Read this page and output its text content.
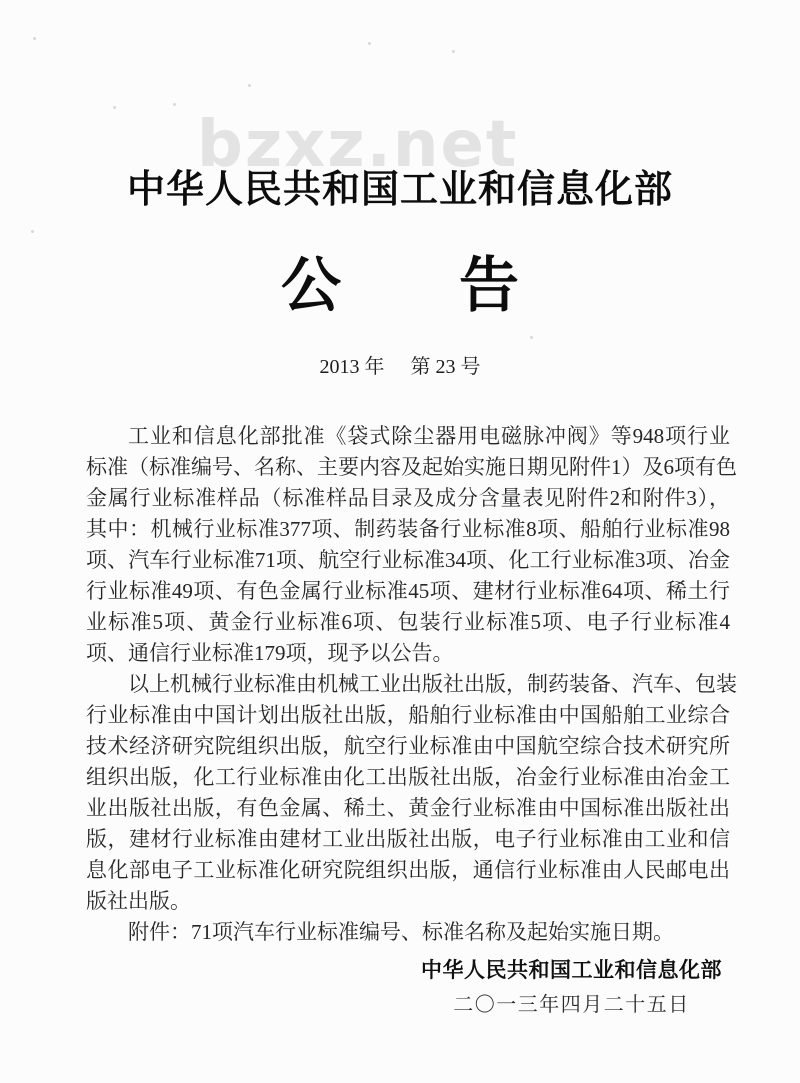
bzxz.net
中华人民共和国工业和信息化部
公 告
2013 年 第 23 号
工业和信息化部批准《袋式除尘器用电磁脉冲阀》等948项行业
标准（标准编号、名称、主要内容及起始实施日期见附件1）及6项有色
金属行业标准样品（标准样品目录及成分含量表见附件2和附件3），
其中：机械行业标准377项、制药装备行业标准8项、船舶行业标准98
项、汽车行业标准71项、航空行业标准34项、化工行业标准3项、冶金
行业标准49项、有色金属行业标准45项、建材行业标准64项、稀土行
业标准5项、黄金行业标准6项、包装行业标准5项、电子行业标准4
项、通信行业标准179项，现予以公告。
以上机械行业标准由机械工业出版社出版，制药装备、汽车、包装
行业标准由中国计划出版社出版，船舶行业标准由中国船舶工业综合
技术经济研究院组织出版，航空行业标准由中国航空综合技术研究所
组织出版，化工行业标准由化工出版社出版，冶金行业标准由冶金工
业出版社出版，有色金属、稀土、黄金行业标准由中国标准出版社出
版，建材行业标准由建材工业出版社出版，电子行业标准由工业和信
息化部电子工业标准化研究院组织出版，通信行业标准由人民邮电出
版社出版。
附件：71项汽车行业标准编号、标准名称及起始实施日期。
中华人民共和国工业和信息化部
二〇一三年四月二十五日
